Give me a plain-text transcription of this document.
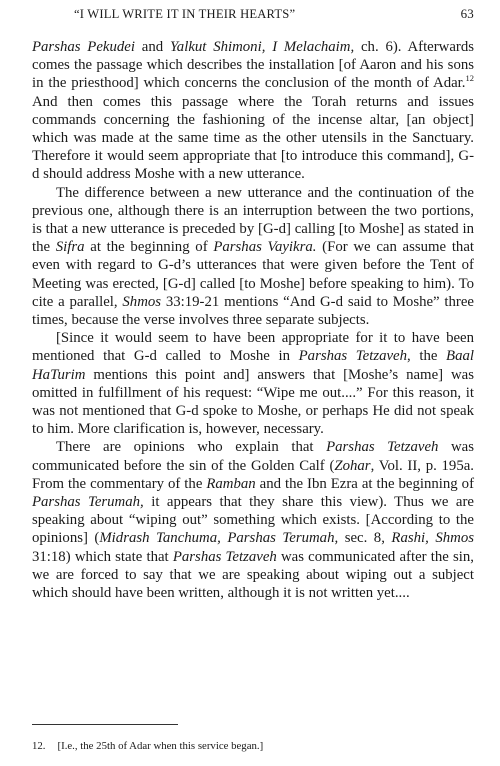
“I WILL WRITE IT IN THEIR HEARTS”	63

Parshas Pekudei and Yalkut Shimoni, I Melachaim, ch. 6). Afterwards comes the passage which describes the installation [of Aaron and his sons in the priesthood] which concerns the conclusion of the month of Adar.$^{12}$ And then comes this passage where the Torah returns and issues commands concerning the fashioning of the incense altar, [an object] which was made at the same time as the other utensils in the Sanctuary. Therefore it would seem appropriate that [to introduce this command], G-d should address Moshe with a new utterance.

The difference between a new utterance and the continuation of the previous one, although there is an interruption between the two portions, is that a new utterance is preceded by [G-d] calling [to Moshe] as stated in the Sifra at the beginning of Parshas Vayikra. (For we can assume that even with regard to G-d’s utterances that were given before the Tent of Meeting was erected, [G-d] called [to Moshe] before speaking to him). To cite a parallel, Shmos 33:19-21 mentions “And G-d said to Moshe” three times, because the verse involves three separate subjects.

[Since it would seem to have been appropriate for it to have been mentioned that G-d called to Moshe in Parshas Tetzaveh, the Baal HaTurim mentions this point and] answers that [Moshe’s name] was omitted in fulfillment of his request: “Wipe me out....” For this reason, it was not mentioned that G-d spoke to Moshe, or perhaps He did not speak to him. More clarification is, however, necessary.

There are opinions who explain that Parshas Tetzaveh was communicated before the sin of the Golden Calf (Zohar, Vol. II, p. 195a. From the commentary of the Ramban and the Ibn Ezra at the beginning of Parshas Terumah, it appears that they share this view). Thus we are speaking about “wiping out” something which exists. [According to the opinions] (Midrash Tanchuma, Parshas Terumah, sec. 8, Rashi, Shmos 31:18) which state that Parshas Tetzaveh was communicated after the sin, we are forced to say that we are speaking about wiping out a subject which should have been written, although it is not written yet....

12. [I.e., the 25th of Adar when this service began.]
